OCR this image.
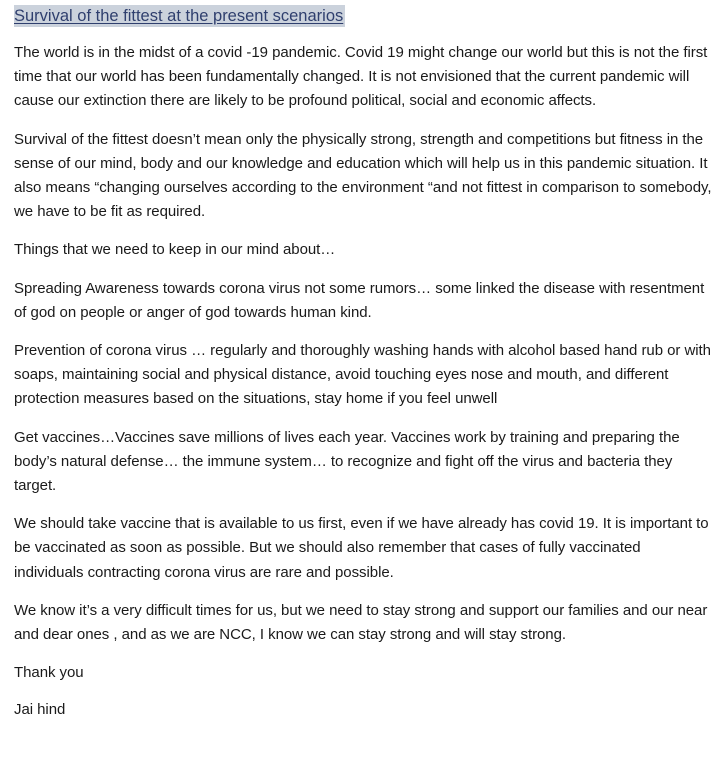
Survival of the fittest at the present scenarios

The world is in the midst of a covid -19 pandemic. Covid 19 might change our world but this is not the first time that our world has been fundamentally changed. It is not envisioned that the current pandemic will cause our extinction there are likely to be profound political, social and economic affects.

Survival of the fittest doesn’t mean only the physically strong, strength and competitions but fitness in the sense of our mind, body and our knowledge and education which will help us in this pandemic situation. It also means “changing ourselves according to the environment “and not fittest in comparison to somebody, we have to be fit as required.

Things that we need to keep in our mind about…

Spreading Awareness towards corona virus not some rumors… some linked the disease with resentment of god on people or anger of god towards human kind.

Prevention of corona virus … regularly and thoroughly washing hands with alcohol based hand rub or with soaps, maintaining social and physical distance, avoid touching eyes nose and mouth, and different protection measures based on the situations, stay home if you feel unwell

Get vaccines…Vaccines save millions of lives each year. Vaccines work by training and preparing the body’s natural defense… the immune system… to recognize and fight off the virus and bacteria they target.

We should take vaccine that is available to us first, even if we have already has covid 19. It is important to be vaccinated as soon as possible. But we should also remember that cases of fully vaccinated individuals contracting corona virus are rare and possible.

We know it’s a very difficult times for us, but we need to stay strong and support our families and our near and dear ones , and as we are NCC, I know we can stay strong and will stay strong.

Thank you

Jai hind
